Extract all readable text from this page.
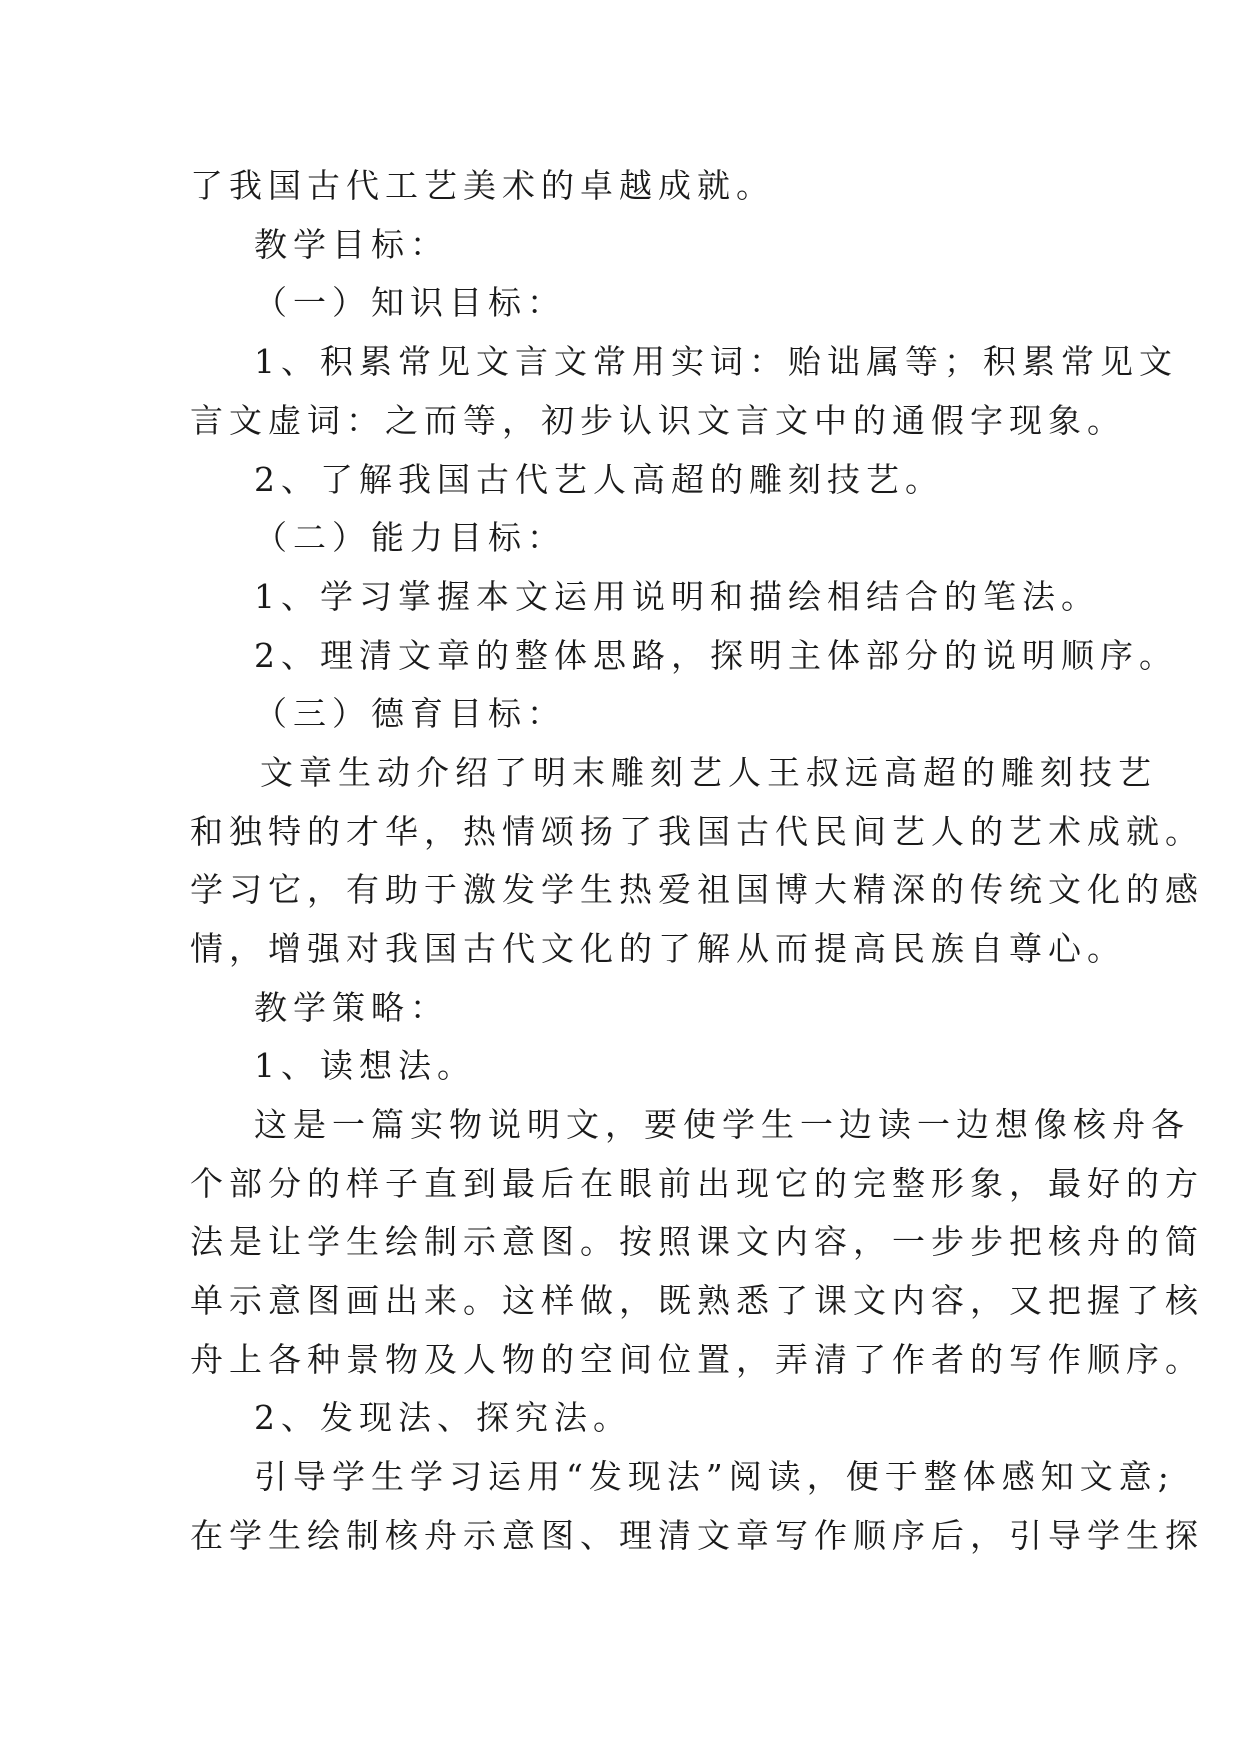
了我国古代工艺美术的卓越成就。
教学目标：
（一）知识目标：
1、积累常见文言文常用实词：贻诎属等；积累常见文
言文虚词：之而等，初步认识文言文中的通假字现象。
2、了解我国古代艺人高超的雕刻技艺。
（二）能力目标：
1、学习掌握本文运用说明和描绘相结合的笔法。
2、理清文章的整体思路，探明主体部分的说明顺序。
（三）德育目标：
文章生动介绍了明末雕刻艺人王叔远高超的雕刻技艺
和独特的才华，热情颂扬了我国古代民间艺人的艺术成就。
学习它，有助于激发学生热爱祖国博大精深的传统文化的感
情，增强对我国古代文化的了解从而提高民族自尊心。
教学策略：
1、读想法。
这是一篇实物说明文，要使学生一边读一边想像核舟各
个部分的样子直到最后在眼前出现它的完整形象，最好的方
法是让学生绘制示意图。按照课文内容，一步步把核舟的简
单示意图画出来。这样做，既熟悉了课文内容，又把握了核
舟上各种景物及人物的空间位置，弄清了作者的写作顺序。
2、发现法、探究法。
引导学生学习运用“发现法”阅读，便于整体感知文意;
在学生绘制核舟示意图、理清文章写作顺序后，引导学生探
